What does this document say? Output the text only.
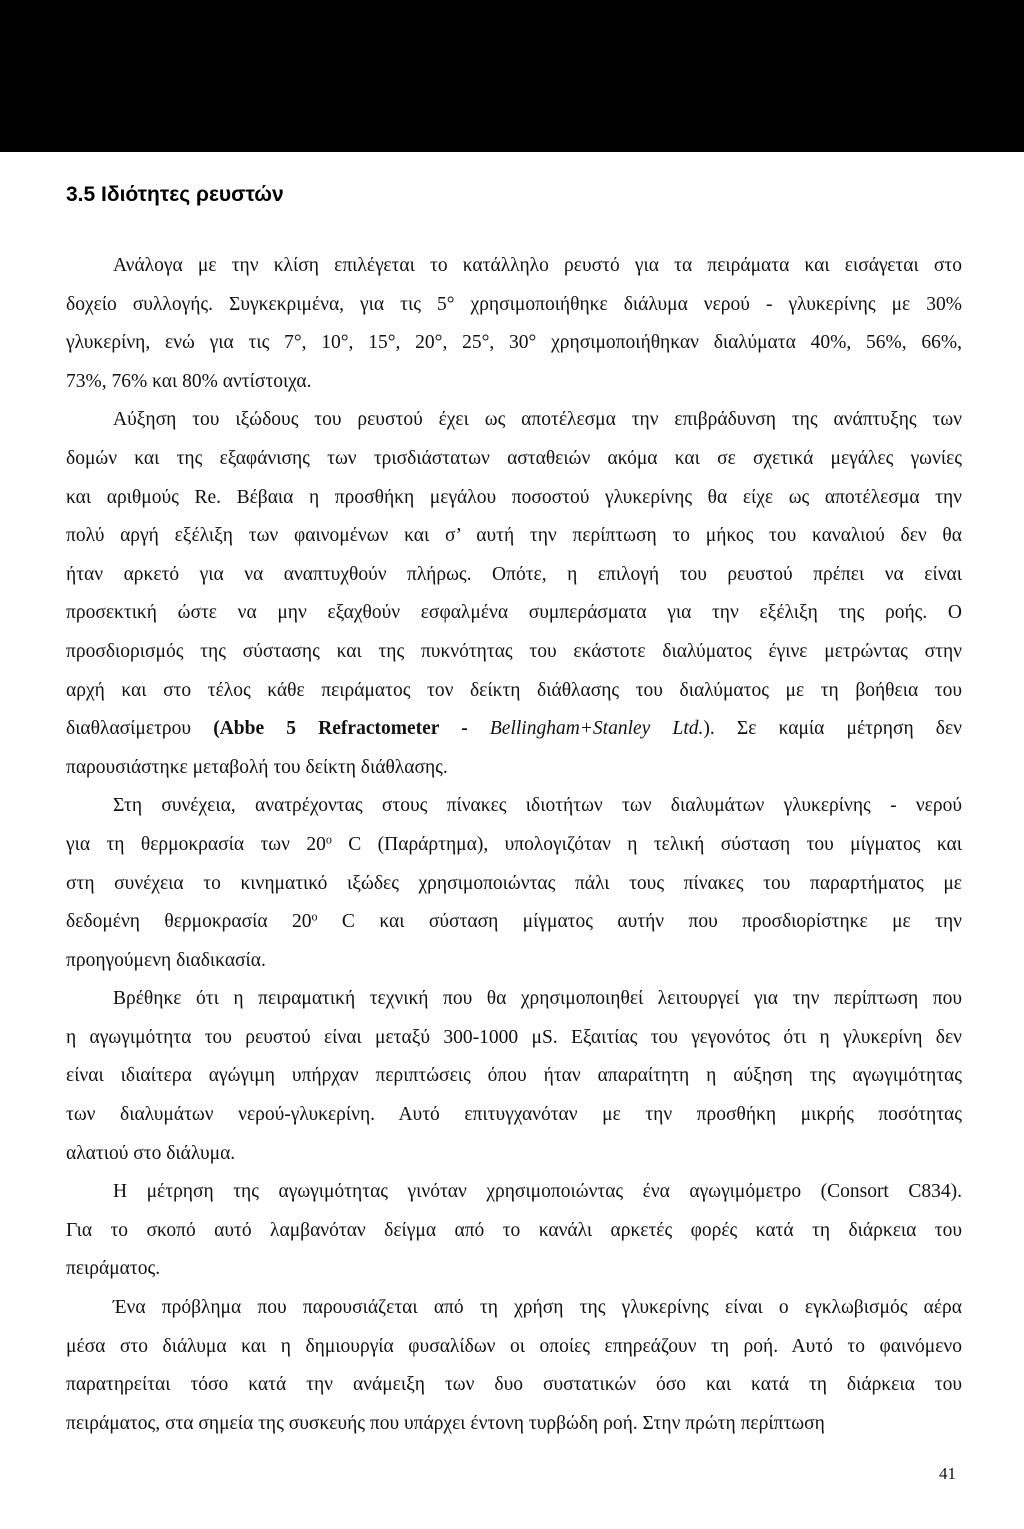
3.5 Ιδιότητες ρευστών
Ανάλογα με την κλίση επιλέγεται το κατάλληλο ρευστό για τα πειράματα και εισάγεται στο
δοχείο συλλογής. Συγκεκριμένα, για τις 5° χρησιμοποιήθηκε διάλυμα νερού - γλυκερίνης με 30%
γλυκερίνη, ενώ για τις 7°, 10°, 15°, 20°, 25°, 30° χρησιμοποιήθηκαν διαλύματα 40%, 56%, 66%,
73%, 76% και 80% αντίστοιχα.
Αύξηση του ιξώδους του ρευστού έχει ως αποτέλεσμα την επιβράδυνση της ανάπτυξης των
δομών και της εξαφάνισης των τρισδιάστατων ασταθειών ακόμα και σε σχετικά μεγάλες γωνίες
και αριθμούς Re. Βέβαια η προσθήκη μεγάλου ποσοστού γλυκερίνης θα είχε ως αποτέλεσμα την
πολύ αργή εξέλιξη των φαινομένων και σ’ αυτή την περίπτωση το μήκος του καναλιού δεν θα
ήταν αρκετό για να αναπτυχθούν πλήρως. Οπότε, η επιλογή του ρευστού πρέπει να είναι
προσεκτική ώστε να μην εξαχθούν εσφαλμένα συμπεράσματα για την εξέλιξη της ροής. Ο
προσδιορισμός της σύστασης και της πυκνότητας του εκάστοτε διαλύματος έγινε μετρώντας στην
αρχή και στο τέλος κάθε πειράματος τον δείκτη διάθλασης του διαλύματος με τη βοήθεια του
διαθλασίμετρου (Abbe 5 Refractometer - Bellingham+Stanley Ltd.). Σε καμία μέτρηση δεν
παρουσιάστηκε μεταβολή του δείκτη διάθλασης.
Στη συνέχεια, ανατρέχοντας στους πίνακες ιδιοτήτων των διαλυμάτων γλυκερίνης - νερού
για τη θερμοκρασία των $20^o$ C (Παράρτημα), υπολογιζόταν η τελική σύσταση του μίγματος και
στη συνέχεια το κινηματικό ιξώδες χρησιμοποιώντας πάλι τους πίνακες του παραρτήματος με
δεδομένη θερμοκρασία $20^o$ C και σύσταση μίγματος αυτήν που προσδιορίστηκε με την
προηγούμενη διαδικασία.
Βρέθηκε ότι η πειραματική τεχνική που θα χρησιμοποιηθεί λειτουργεί για την περίπτωση που
η αγωγιμότητα του ρευστού είναι μεταξύ 300-1000 μS. Εξαιτίας του γεγονότος ότι η γλυκερίνη δεν
είναι ιδιαίτερα αγώγιμη υπήρχαν περιπτώσεις όπου ήταν απαραίτητη η αύξηση της αγωγιμότητας
των διαλυμάτων νερού-γλυκερίνη. Αυτό επιτυγχανόταν με την προσθήκη μικρής ποσότητας
αλατιού στο διάλυμα.
Η μέτρηση της αγωγιμότητας γινόταν χρησιμοποιώντας ένα αγωγιμόμετρο (Consort C834).
Για το σκοπό αυτό λαμβανόταν δείγμα από το κανάλι αρκετές φορές κατά τη διάρκεια του
πειράματος.
Ένα πρόβλημα που παρουσιάζεται από τη χρήση της γλυκερίνης είναι ο εγκλωβισμός αέρα
μέσα στο διάλυμα και η δημιουργία φυσαλίδων οι οποίες επηρεάζουν τη ροή. Αυτό το φαινόμενο
παρατηρείται τόσο κατά την ανάμειξη των δυο συστατικών όσο και κατά τη διάρκεια του
πειράματος, στα σημεία της συσκευής που υπάρχει έντονη τυρβώδη ροή. Στην πρώτη περίπτωση
41
